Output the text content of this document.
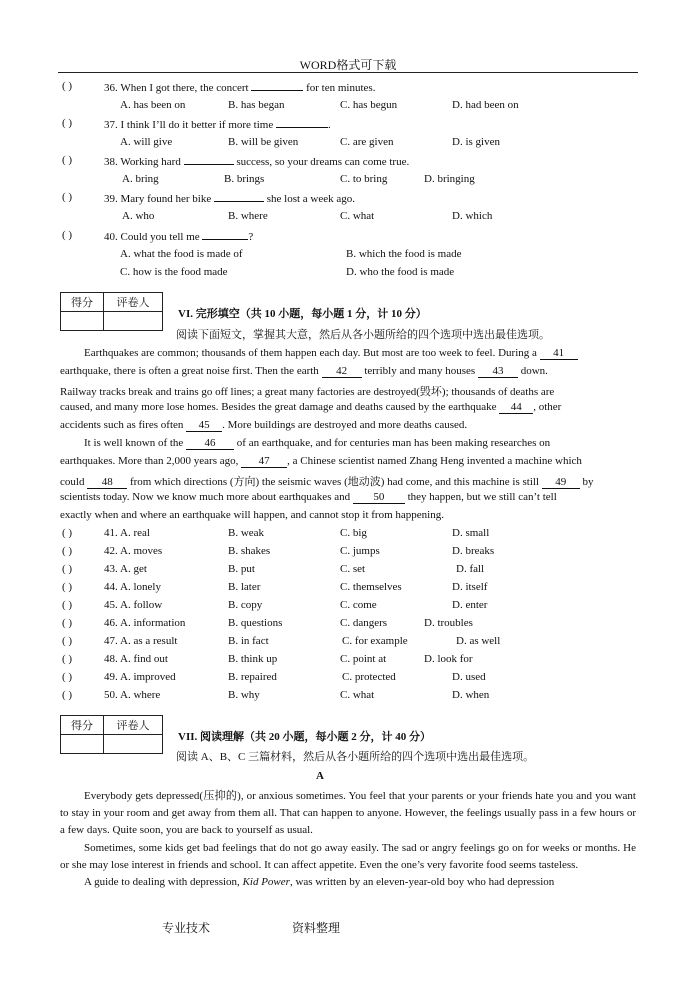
WORD格式可下载
( )	36. When I got there, the concert	for ten minutes.
A. has been on	B. has began	C. has begun	D. had been on
( )	37. I think I’ll do it better if more time	.
A. will give	B. will be given	C. are given	D. is given
( )	38. Working hard	success, so your dreams can come true.
A. bring	B. brings	C. to bring	D. bringing
( )	39. Mary found her bike	she lost a week ago.
A. who	B. where	C. what	D. which
( )	40. Could you tell me	?
A. what the food is made of	B. which the food is made
C. how is the food made	D. who the food is made
得分	评卷人

VI. 完形填空（共 10 小题，每小题 1 分，计 10 分）
阅读下面短文，掌握其大意，然后从各小题所给的四个选项中选出最佳选项。
Earthquakes are common; thousands of them happen each day. But most are too week to feel. During a 41
earthquake, there is often a great noise first. Then the earth 42 terribly and many houses 43 down.
Railway tracks break and trains go off lines; a great many factories are destroyed(毁坏); thousands of deaths are
caused, and many more lose homes. Besides the great damage and deaths caused by the earthquake 44 , other
accidents such as fires often 45 . More buildings are destroyed and more deaths caused.
It is well known of the 46 of an earthquake, and for centuries man has been making researches on
earthquakes. More than 2,000 years ago, 47 , a Chinese scientist named Zhang Heng invented a machine which
could 48 from which directions (方向) the seismic waves (地动波) had come, and this machine is still 49 by
scientists today. Now we know much more about earthquakes and 50 they happen, but we still can’t tell
exactly when and where an earthquake will happen, and cannot stop it from happening.
( )	41. A. real	B. weak	C. big	D. small
( )	42. A. moves	B. shakes	C. jumps	D. breaks
( )	43. A. get	B. put	C. set	D. fall
( )	44. A. lonely	B. later	C. themselves	D. itself
( )	45. A. follow	B. copy	C. come	D. enter
( )	46. A. information	B. questions	C. dangers	D. troubles
( )	47. A. as a result	B. in fact	C. for example	D. as well
( )	48. A. find out	B. think up	C. point at	D. look for
( )	49. A. improved	B. repaired	C. protected	D. used
( )	50. A. where	B. why	C. what	D. when
得分	评卷人

VII. 阅读理解（共 20 小题，每小题 2 分，计 40 分）
阅读 A、B、C 三篇材料，然后从各小题所给的四个选项中选出最佳选项。
A

Everybody gets depressed(压抑的), or anxious sometimes. You feel that your parents or your friends hate you and you want to stay in your room and get away from them all. That can happen to anyone. However, the feelings usually pass in a few hours or a few days. Quite soon, you are back to yourself as usual.

Sometimes, some kids get bad feelings that do not go away easily. The sad or angry feelings go on for weeks or months. He or she may lose interest in friends and school. It can affect appetite. Even the one’s very favorite food seems tasteless.

A guide to dealing with depression, Kid Power, was written by an eleven-year-old boy who had depression

专业技术	资料整理
